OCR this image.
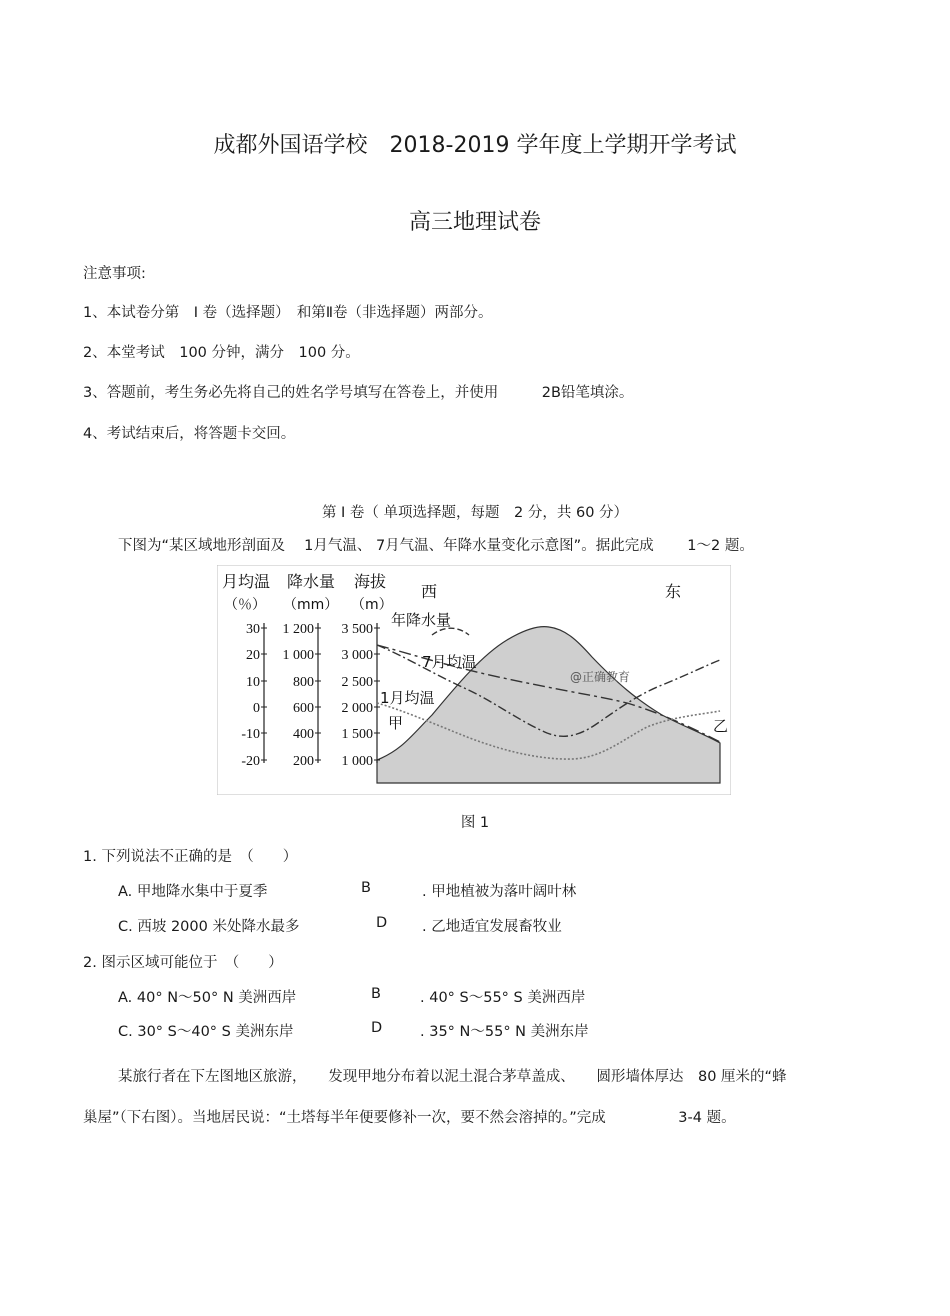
成都外国语学校　2018-2019 学年度上学期开学考试
高三地理试卷
注意事项:
1、本试卷分第　Ⅰ 卷（选择题）　和第Ⅱ卷（非选择题）两部分。
2、本堂考试　100 分钟，满分　100 分。
3、答题前，考生务必先将自己的姓名学号填写在答卷上，并使用　　　2B铅笔填涂。
4、考试结束后，将答题卡交回。
第 Ⅰ 卷（ 单项选择题，每题　2 分，共 60 分）
下图为“某区域地形剖面及　 1月气温、 7月气温、年降水量变化示意图”。据此完成　　 1～2 题。
月均温 降水量 海拔
（％） （mm） （m）
30
20
10
0
-10
-20
1 200
1 000
800
600
400
200
3 500
3 000
2 500
2 000
1 500
1 000
西	东
年降水量
7月均温
1月均温
甲	乙
@正确教育
图 1
1. 下列说法不正确的是　（　　）
A. 甲地降水集中于夏季	B	. 甲地植被为落叶阔叶林
C. 西坡 2000 米处降水最多	D . 乙地适宜发展畜牧业
2. 图示区域可能位于　（　　）
A. 40° N～50° N 美洲西岸	B	. 40° S～55° S 美洲西岸
C. 30° S～40° S 美洲东岸	D	. 35° N～55° N 美洲东岸
某旅行者在下左图地区旅游，　　发现甲地分布着以泥土混合茅草盖成、　　圆形墙体厚达　80 厘米的“蜂
巢屋”（下右图）。当地居民说：“土塔每半年便要修补一次，要不然会溶掉的。”完成　　　　　3-4 题。
